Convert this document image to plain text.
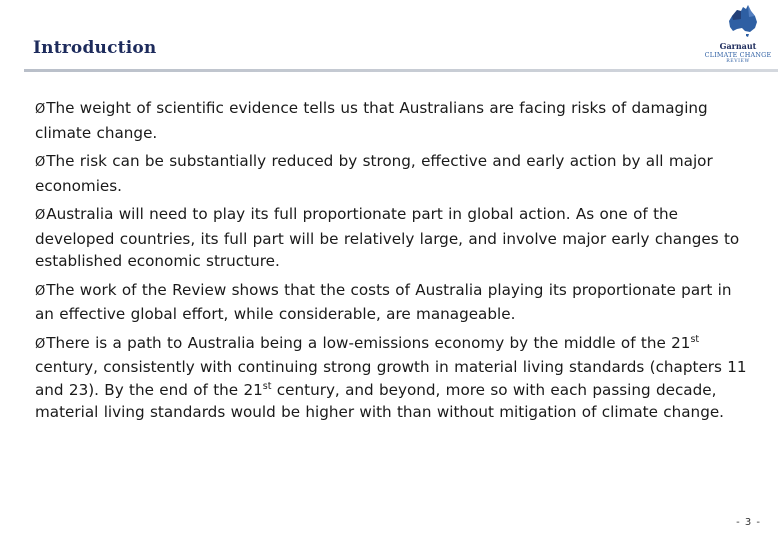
Introduction	Garnaut
CLIMATE CHANGE
REVIEW
ØThe weight of scientific evidence tells us that Australians are facing risks of damaging climate change.
ØThe risk can be substantially reduced by strong, effective and early action by all major economies.
ØAustralia will need to play its full proportionate part in global action. As one of the developed countries, its full part will be relatively large, and involve major early changes to established economic structure.
ØThe work of the Review shows that the costs of Australia playing its proportionate part in an effective global effort, while considerable, are manageable.
ØThere is a path to Australia being a low-emissions economy by the middle of the 21st century, consistently with continuing strong growth in material living standards (chapters 11 and 23). By the end of the 21st century, and beyond, more so with each passing decade, material living standards would be higher with than without mitigation of climate change.
- 3 -
